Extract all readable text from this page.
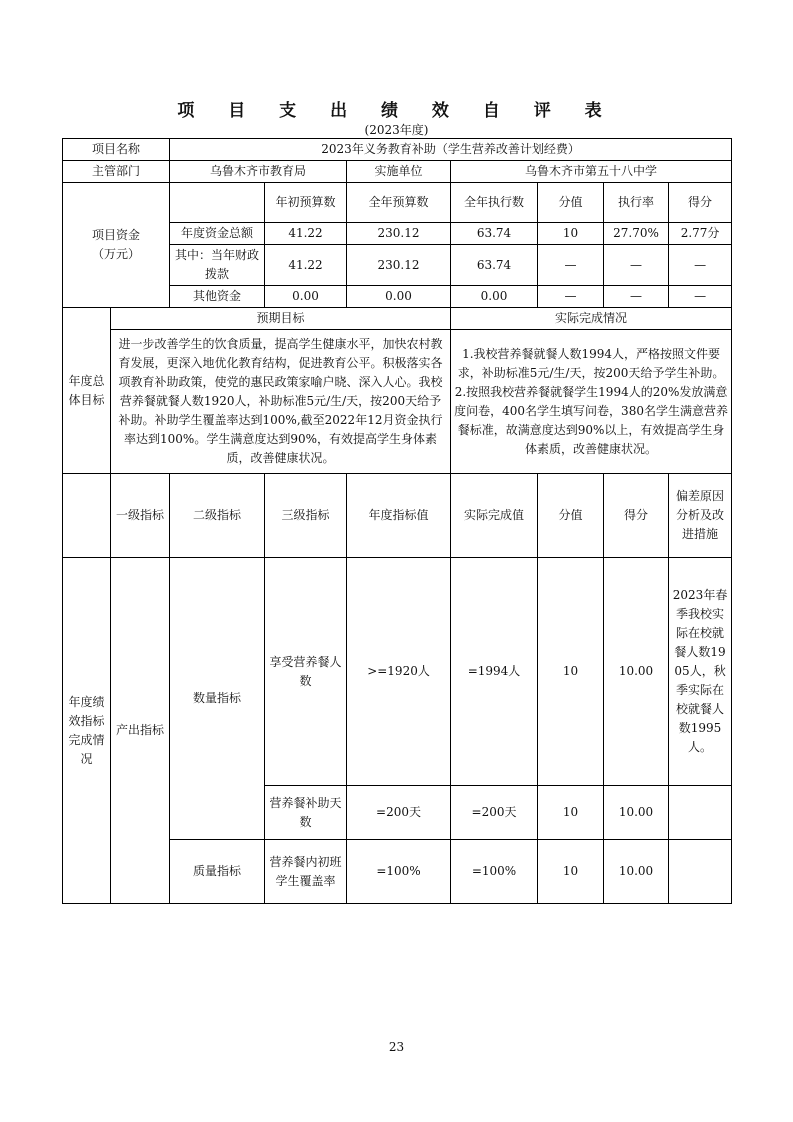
项 目 支 出 绩 效 自 评 表
(2023年度)
项目名称		2023年义务教育补助（学生营养改善计划经费）						
主管部门		乌鲁木齐市教育局		实施单位	乌鲁木齐市第五十八中学			
项目资金
（万元）			年初预算数	全年预算数	全年执行数	分值	执行率	得分
		年度资金总额	41.22	230.12	63.74	10	27.70%	2.77分
		其中：当年财政拨款	41.22	230.12	63.74	—	—	—
		其他资金	0.00	0.00	0.00	—	—	—
年度总体目标	预期目标				实际完成情况			
	进一步改善学生的饮食质量，提高学生健康水平，加快农村教育发展，更深入地优化教育结构，促进教育公平。积极落实各项教育补助政策，使党的惠民政策家喻户晓、深入人心。我校营养餐就餐人数1920人，补助标准5元/生/天，按200天给予补助。补助学生覆盖率达到100%,截至2022年12月资金执行率达到100%。学生满意度达到90%，有效提高学生身体素质，改善健康状况。				1.我校营养餐就餐人数1994人，严格按照文件要求，补助标准5元/生/天，按200天给予学生补助。
2.按照我校营养餐就餐学生1994人的20%发放满意度问卷，400名学生填写问卷，380名学生满意营养餐标准，故满意度达到90%以上，有效提高学生身体素质，改善健康状况。			
	一级指标	二级指标	三级指标	年度指标值	实际完成值	分值	得分	偏差原因分析及改进措施
年度绩效指标完成情况	产出指标	数量指标	享受营养餐人数	>=1920人	=1994人	10	10.00	2023年春季我校实际在校就餐人数1905人，秋季实际在校就餐人数1995人。
			营养餐补助天数	=200天	=200天	10	10.00	
		质量指标	营养餐内初班学生覆盖率	=100%	=100%	10	10.00	
23
